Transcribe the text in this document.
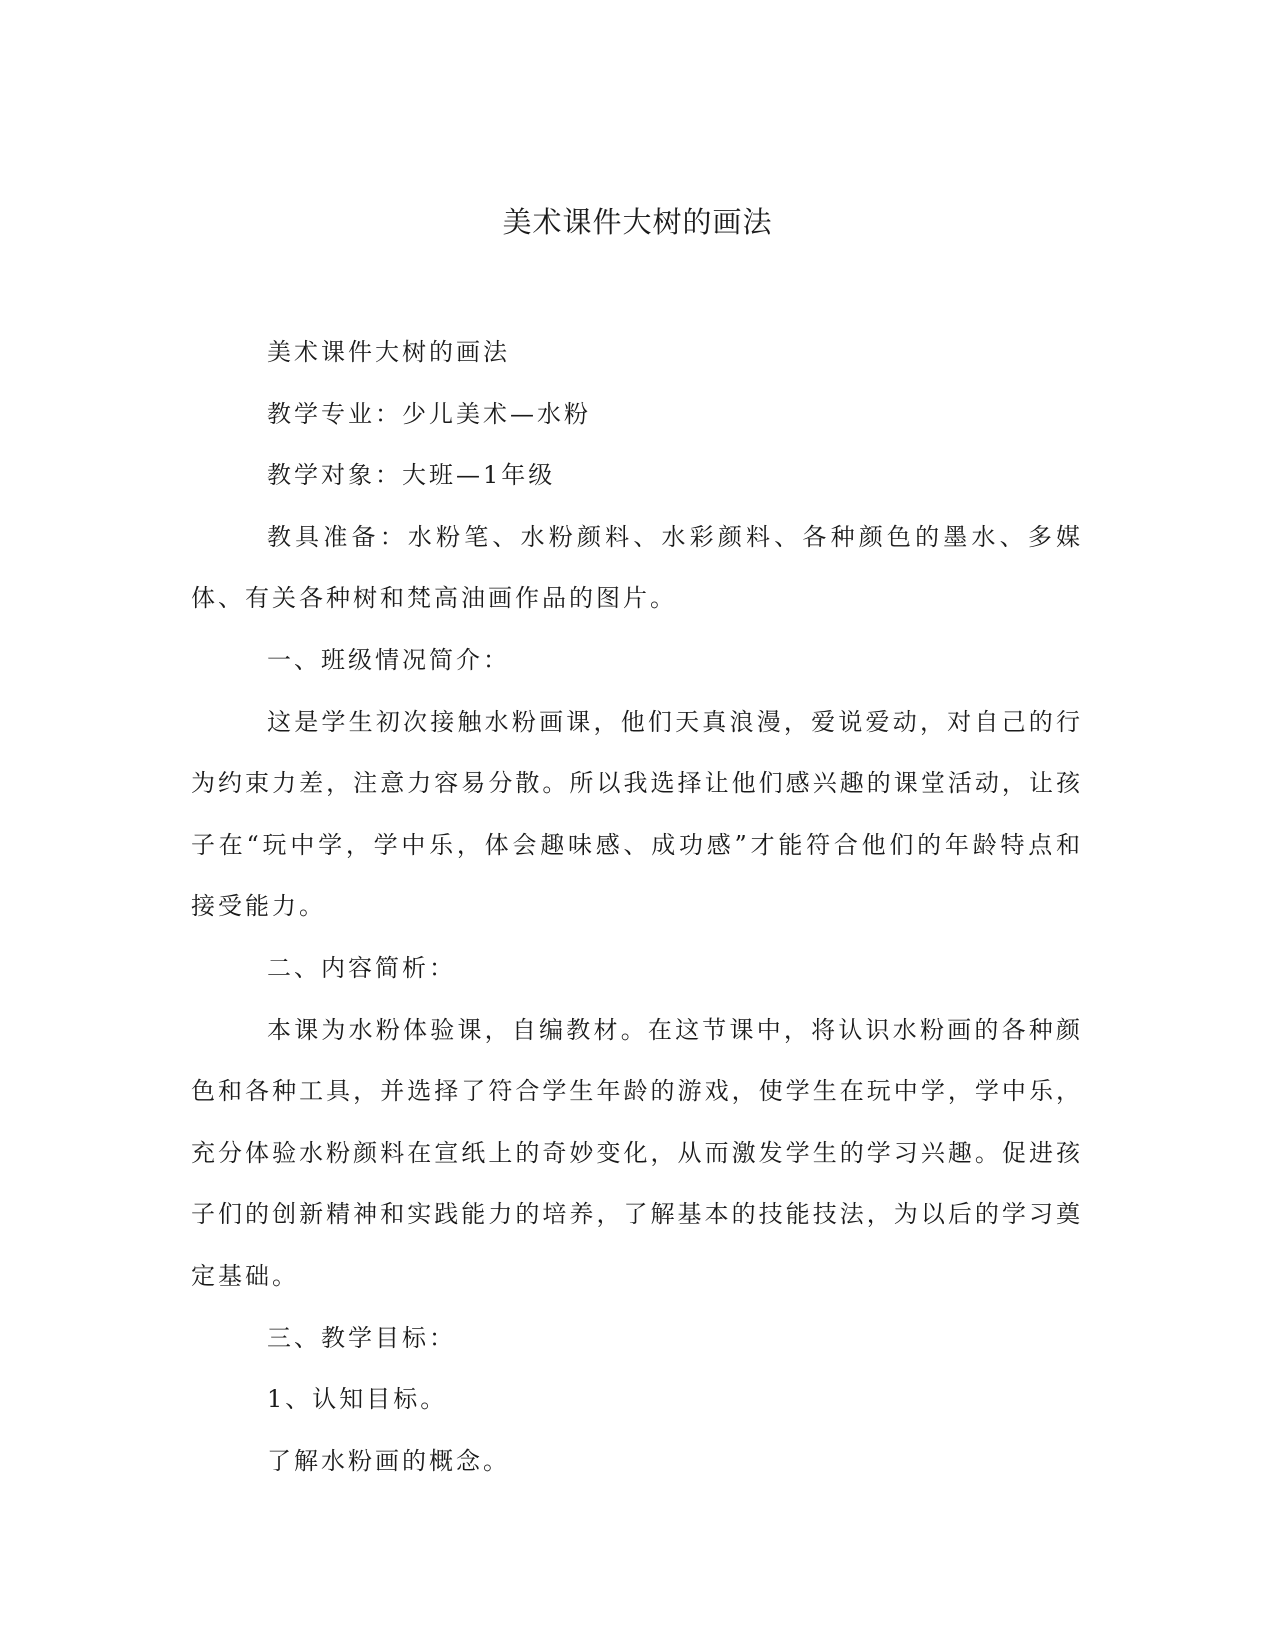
美术课件大树的画法

美术课件大树的画法

教学专业：少儿美术—水粉

教学对象：大班—1年级

教具准备：水粉笔、水粉颜料、水彩颜料、各种颜色的墨水、多媒体、有关各种树和梵高油画作品的图片。

一、班级情况简介：

这是学生初次接触水粉画课，他们天真浪漫，爱说爱动，对自己的行为约束力差，注意力容易分散。所以我选择让他们感兴趣的课堂活动，让孩子在“玩中学，学中乐，体会趣味感、成功感”才能符合他们的年龄特点和接受能力。

二、内容简析：

本课为水粉体验课，自编教材。在这节课中，将认识水粉画的各种颜色和各种工具，并选择了符合学生年龄的游戏，使学生在玩中学，学中乐，充分体验水粉颜料在宣纸上的奇妙变化，从而激发学生的学习兴趣。促进孩子们的创新精神和实践能力的培养，了解基本的技能技法，为以后的学习奠定基础。

三、教学目标：

1、认知目标。

了解水粉画的概念。
